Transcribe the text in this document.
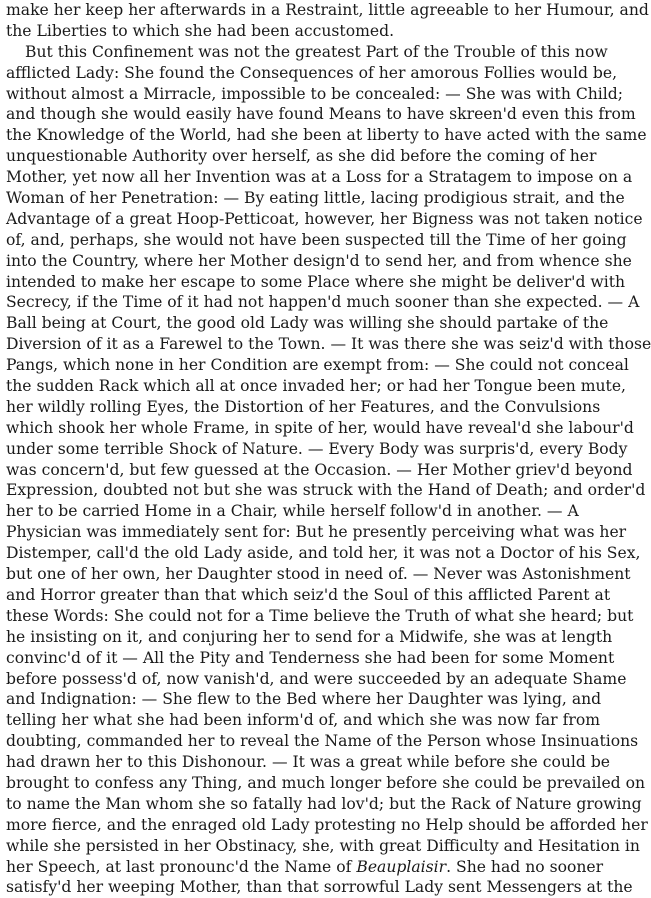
make her keep her afterwards in a Restraint, little agreeable to her Humour, and
the Liberties to which she had been accustomed.

But this Confinement was not the greatest Part of the Trouble of this now
afflicted Lady: She found the Consequences of her amorous Follies would be,
without almost a Mirracle, impossible to be concealed: — She was with Child;
and though she would easily have found Means to have skreen'd even this from
the Knowledge of the World, had she been at liberty to have acted with the same
unquestionable Authority over herself, as she did before the coming of her
Mother, yet now all her Invention was at a Loss for a Stratagem to impose on a
Woman of her Penetration: — By eating little, lacing prodigious strait, and the
Advantage of a great Hoop-Petticoat, however, her Bigness was not taken notice
of, and, perhaps, she would not have been suspected till the Time of her going
into the Country, where her Mother design'd to send her, and from whence she
intended to make her escape to some Place where she might be deliver'd with
Secrecy, if the Time of it had not happen'd much sooner than she expected. — A
Ball being at Court, the good old Lady was willing she should partake of the
Diversion of it as a Farewel to the Town. — It was there she was seiz'd with those
Pangs, which none in her Condition are exempt from: — She could not conceal
the sudden Rack which all at once invaded her; or had her Tongue been mute,
her wildly rolling Eyes, the Distortion of her Features, and the Convulsions
which shook her whole Frame, in spite of her, would have reveal'd she labour'd
under some terrible Shock of Nature. — Every Body was surpris'd, every Body
was concern'd, but few guessed at the Occasion. — Her Mother griev'd beyond
Expression, doubted not but she was struck with the Hand of Death; and order'd
her to be carried Home in a Chair, while herself follow'd in another. — A
Physician was immediately sent for: But he presently perceiving what was her
Distemper, call'd the old Lady aside, and told her, it was not a Doctor of his Sex,
but one of her own, her Daughter stood in need of. — Never was Astonishment
and Horror greater than that which seiz'd the Soul of this afflicted Parent at
these Words: She could not for a Time believe the Truth of what she heard; but
he insisting on it, and conjuring her to send for a Midwife, she was at length
convinc'd of it — All the Pity and Tenderness she had been for some Moment
before possess'd of, now vanish'd, and were succeeded by an adequate Shame
and Indignation: — She flew to the Bed where her Daughter was lying, and
telling her what she had been inform'd of, and which she was now far from
doubting, commanded her to reveal the Name of the Person whose Insinuations
had drawn her to this Dishonour. — It was a great while before she could be
brought to confess any Thing, and much longer before she could be prevailed on
to name the Man whom she so fatally had lov'd; but the Rack of Nature growing
more fierce, and the enraged old Lady protesting no Help should be afforded her
while she persisted in her Obstinacy, she, with great Difficulty and Hesitation in
her Speech, at last pronounc'd the Name of Beauplaisir. She had no sooner
satisfy'd her weeping Mother, than that sorrowful Lady sent Messengers at the
